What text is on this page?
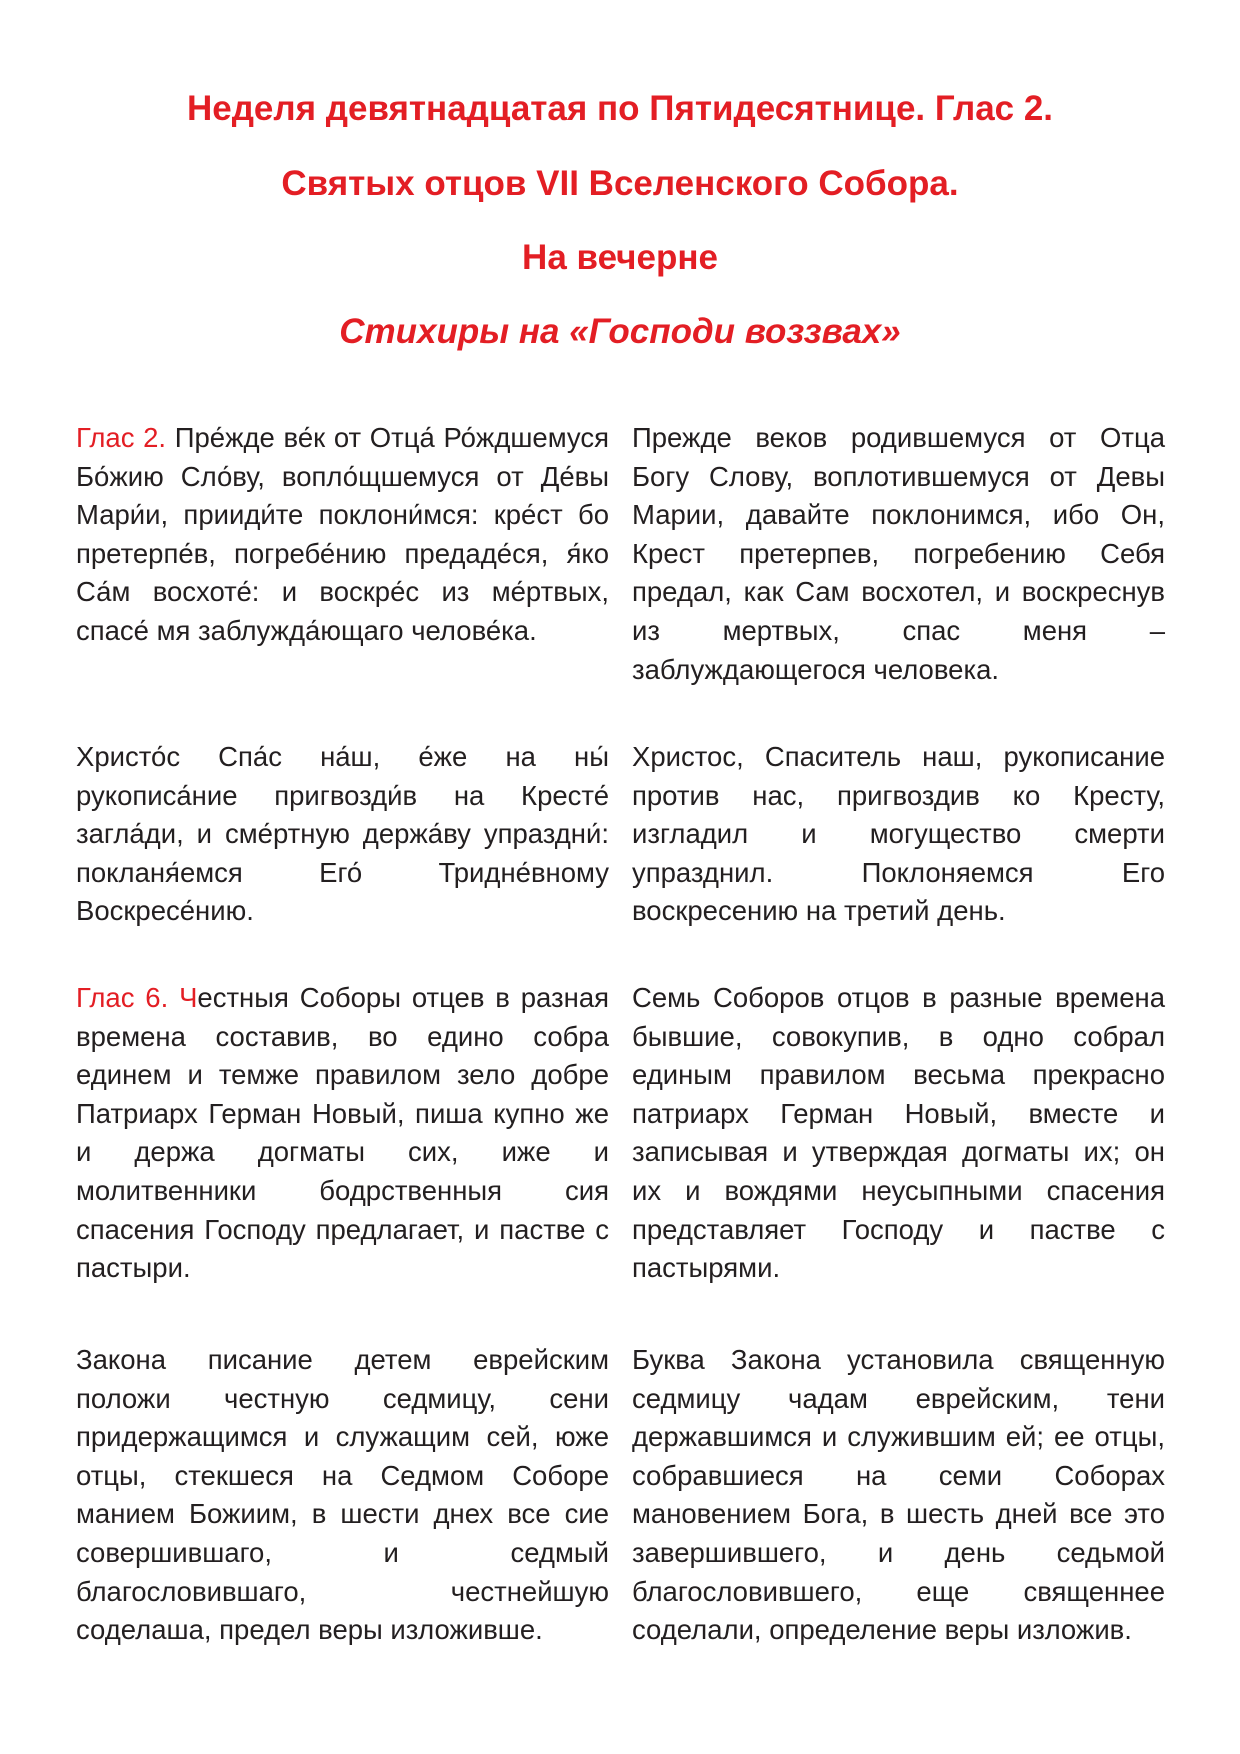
Неделя девятнадцатая по Пятидесятнице. Глас 2.
Святых отцов VII Вселенского Собора.
На вечерне
Стихиры на «Господи воззвах»

Глас 2. Пре́жде ве́к от Отца́ Ро́ждшемуся Бо́жию Сло́ву, вопло́щшемуся от Де́вы Мари́и, прииди́те поклони́мся: кре́ст бо претерпе́в, погребе́нию предаде́ся, я́ко Са́м восхоте́: и воскре́с из ме́ртвых, спасе́ мя заблужда́ющаго челове́ка.

Прежде веков родившемуся от Отца Богу Слову, воплотившемуся от Девы Марии, давайте поклонимся, ибо Он, Крест претерпев, погребению Себя предал, как Сам восхотел, и воскреснув из мертвых, спас меня –заблуждающегося человека.

Христо́с Спа́с на́ш, е́же на ны́ рукописа́ние пригвозди́в на Кресте́ загла́ди, и сме́ртную держа́ву упраздни́: покланя́емся Его́ Тридне́вному Воскресе́нию.

Христос, Спаситель наш, рукописание против нас, пригвоздив ко Кресту, изгладил и могущество смерти упразднил. Поклоняемся Его воскресению на третий день.

Глас 6. Честныя Соборы отцев в разная времена составив, во едино собра единем и темже правилом зело добре Патриарх Герман Новый, пиша купно же и держа догматы сих, иже и молитвенники бодрственныя сия спасения Господу предлагает, и пастве с пастыри.

Семь Соборов отцов в разные времена бывшие, совокупив, в одно собрал единым правилом весьма прекрасно патриарх Герман Новый, вместе и записывая и утверждая догматы их; он их и вождями неусыпными спасения представляет Господу и пастве с пастырями.

Закона писание детем еврейским положи честную седмицу, сени придержащимся и служащим сей, юже отцы, стекшеся на Седмом Соборе манием Божиим, в шести днех все сие совершившаго, и седмый благословившаго, честнейшую соделаша, предел веры изложивше.

Буква Закона установила священную седмицу чадам еврейским, тени державшимся и служившим ей; ее отцы, собравшиеся на семи Соборах мановением Бога, в шесть дней все это завершившего, и день седьмой благословившего, еще священнее соделали, определение веры изложив.
